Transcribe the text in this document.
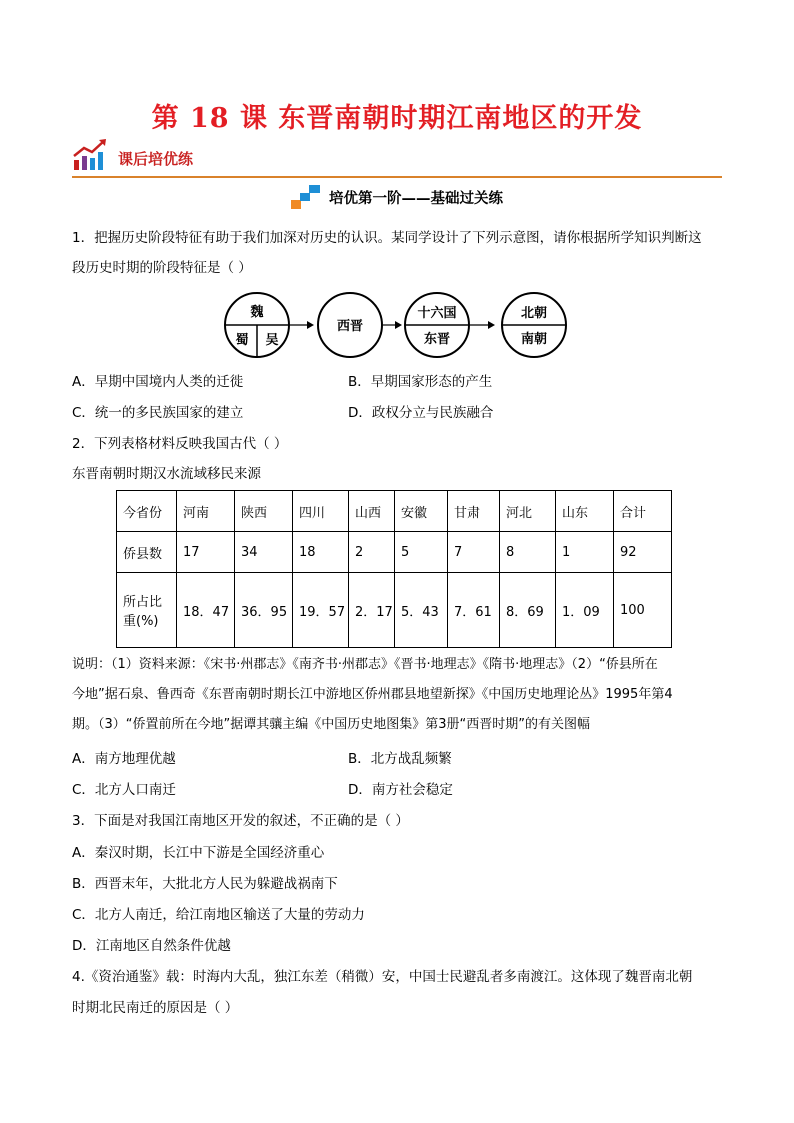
第 18 课 东晋南朝时期江南地区的开发
课后培优练
培优第一阶——基础过关练
1．把握历史阶段特征有助于我们加深对历史的认识。某同学设计了下列示意图，请你根据所学知识判断这
段历史时期的阶段特征是（ ）
魏
蜀 吴
西晋
十六国
东晋
北朝
南朝
A．早期中国境内人类的迁徙	B．早期国家形态的产生
C．统一的多民族国家的建立	D．政权分立与民族融合
2．下列表格材料反映我国古代（ ）
东晋南朝时期汉水流域移民来源
今省份	河南	陕西	四川	山西	安徽	甘肃	河北	山东	合计
侨县数	17	34	18	2	5	7	8	1	92
所占比
重(%)	18．47	36．95	19．57	2．17	5．43	7．61	8．69	1．09	100
说明：（1）资料来源：《宋书·州郡志》《南齐书·州郡志》《晋书·地理志》《隋书·地理志》（2）“侨县所在
今地”据石泉、鲁西奇《东晋南朝时期长江中游地区侨州郡县地望新探》《中国历史地理论丛》1995年第4
期。（3）“侨置前所在今地”据谭其骧主编《中国历史地图集》第3册“西晋时期”的有关图幅
A．南方地理优越	B．北方战乱频繁
C．北方人口南迁	D．南方社会稳定
3．下面是对我国江南地区开发的叙述，不正确的是（ ）
A．秦汉时期，长江中下游是全国经济重心
B．西晋末年，大批北方人民为躲避战祸南下
C．北方人南迁，给江南地区输送了大量的劳动力
D．江南地区自然条件优越
4.《资治通鉴》载：时海内大乱，独江东差（稍微）安，中国士民避乱者多南渡江。这体现了魏晋南北朝
时期北民南迁的原因是（ ）
